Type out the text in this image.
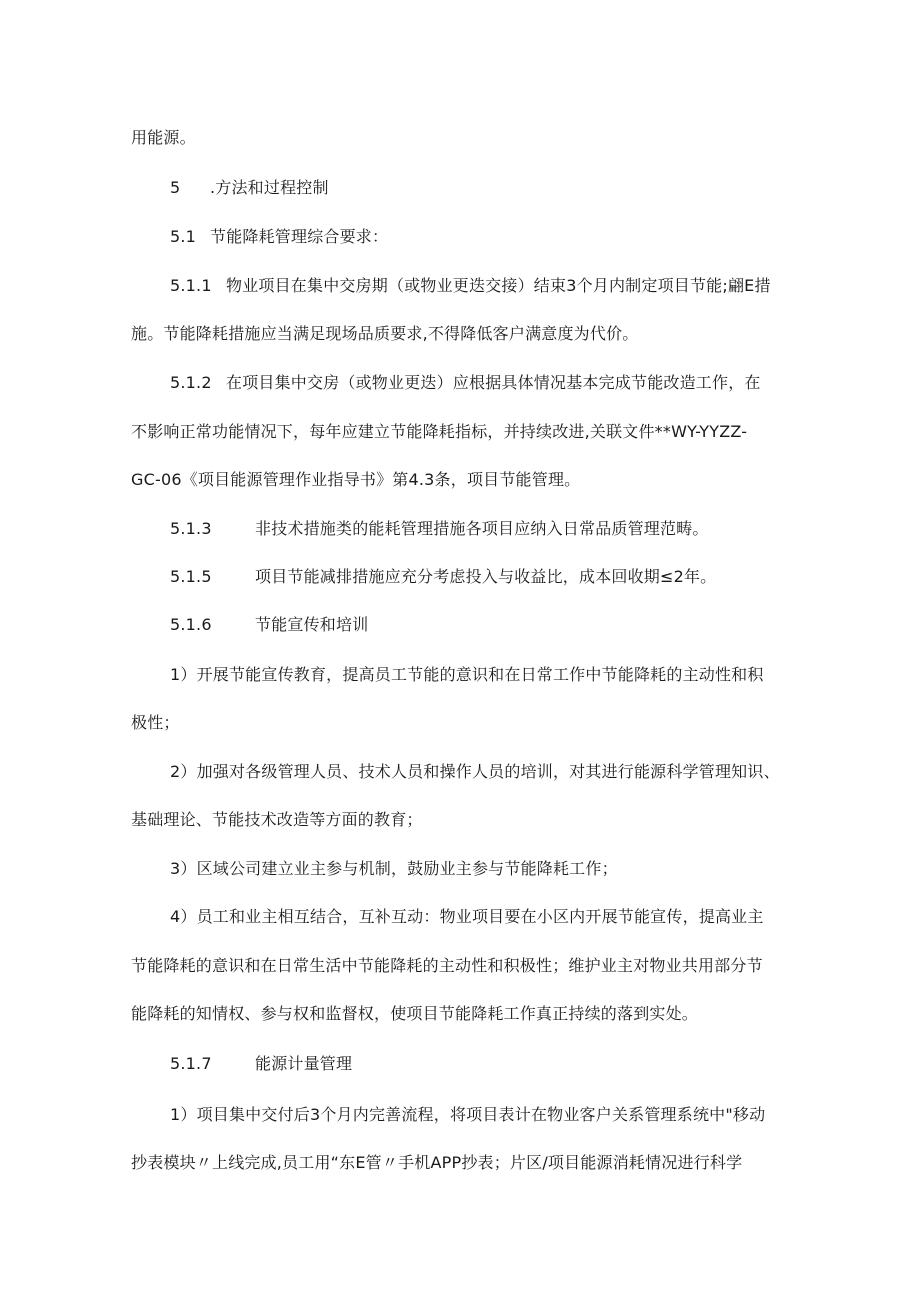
用能源。
5 .方法和过程控制
5.1 节能降耗管理综合要求：
5.1.1 物业项目在集中交房期（或物业更迭交接）结束3个月内制定项目节能;翩E措
施。节能降耗措施应当满足现场品质要求,不得降低客户满意度为代价。
5.1.2 在项目集中交房（或物业更迭）应根据具体情况基本完成节能改造工作，在
不影响正常功能情况下，每年应建立节能降耗指标，并持续改进,关联文件**WY-YYZZ-
GC-06《项目能源管理作业指导书》第4.3条，项目节能管理。
5.1.3	非技术措施类的能耗管理措施各项目应纳入日常品质管理范畴。
5.1.5	项目节能减排措施应充分考虑投入与收益比，成本回收期≤2年。
5.1.6	节能宣传和培训
1）开展节能宣传教育，提高员工节能的意识和在日常工作中节能降耗的主动性和积
极性；
2）加强对各级管理人员、技术人员和操作人员的培训，对其进行能源科学管理知识、
基础理论、节能技术改造等方面的教育；
3）区域公司建立业主参与机制，鼓励业主参与节能降耗工作；
4）员工和业主相互结合，互补互动：物业项目要在小区内开展节能宣传，提高业主
节能降耗的意识和在日常生活中节能降耗的主动性和积极性；维护业主对物业共用部分节
能降耗的知情权、参与权和监督权，使项目节能降耗工作真正持续的落到实处。
5.1.7	能源计量管理
1）项目集中交付后3个月内完善流程，将项目表计在物业客户关系管理系统中"移动
抄表模块〃上线完成,员工用“东E管〃手机APP抄表；片区/项目能源消耗情况进行科学
